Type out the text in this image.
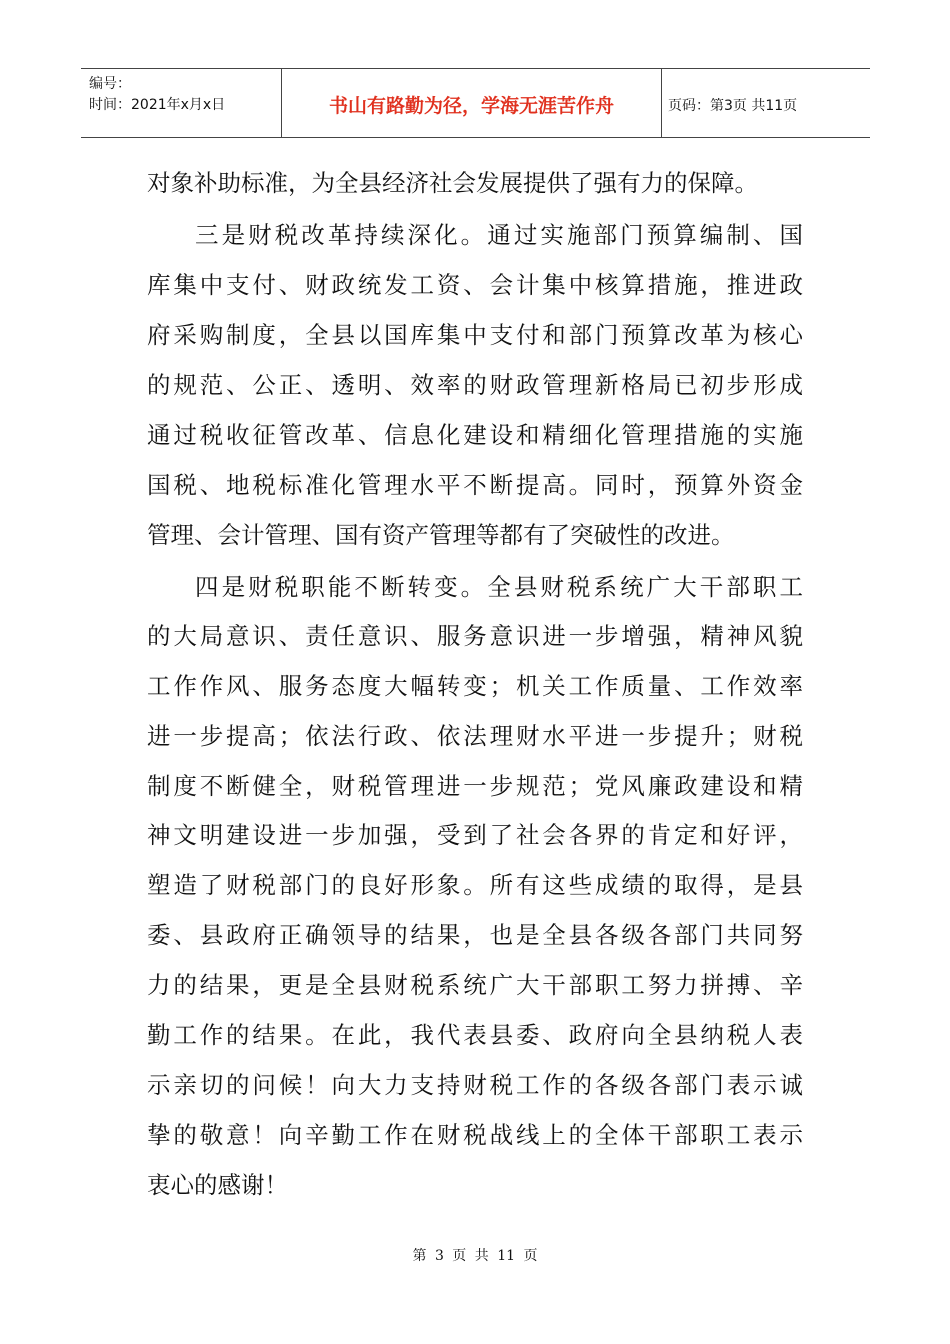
编号：
时间：2021年x月x日	书山有路勤为径，学海无涯苦作舟	页码：第3页 共11页
对象补助标准，为全县经济社会发展提供了强有力的保障。
三是财税改革持续深化。通过实施部门预算编制、国
库集中支付、财政统发工资、会计集中核算措施，推进政
府采购制度，全县以国库集中支付和部门预算改革为核心
的规范、公正、透明、效率的财政管理新格局已初步形成
通过税收征管改革、信息化建设和精细化管理措施的实施
国税、地税标准化管理水平不断提高。同时，预算外资金
管理、会计管理、国有资产管理等都有了突破性的改进。
四是财税职能不断转变。全县财税系统广大干部职工
的大局意识、责任意识、服务意识进一步增强，精神风貌
工作作风、服务态度大幅转变；机关工作质量、工作效率
进一步提高；依法行政、依法理财水平进一步提升；财税
制度不断健全，财税管理进一步规范；党风廉政建设和精
神文明建设进一步加强，受到了社会各界的肯定和好评，
塑造了财税部门的良好形象。所有这些成绩的取得，是县
委、县政府正确领导的结果，也是全县各级各部门共同努
力的结果，更是全县财税系统广大干部职工努力拼搏、辛
勤工作的结果。在此，我代表县委、政府向全县纳税人表
示亲切的问候！向大力支持财税工作的各级各部门表示诚
挚的敬意！向辛勤工作在财税战线上的全体干部职工表示
衷心的感谢！
第 3 页 共 11 页
